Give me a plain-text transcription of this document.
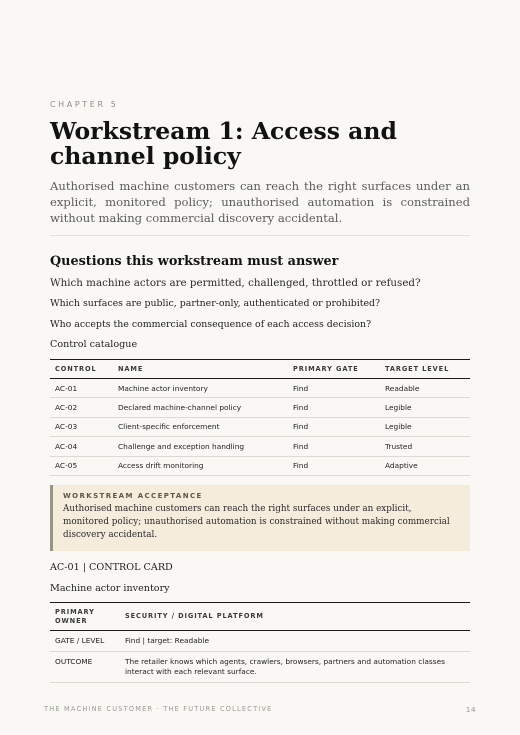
CHAPTER 5
Workstream 1: Access and channel policy

Authorised machine customers can reach the right surfaces under an explicit, monitored policy; unauthorised automation is constrained without making commercial discovery accidental.

Questions this workstream must answer

Which machine actors are permitted, challenged, throttled or refused?

Which surfaces are public, partner-only, authenticated or prohibited?

Who accepts the commercial consequence of each access decision?

Control catalogue

CONTROL	NAME	PRIMARY GATE	TARGET LEVEL
AC-01	Machine actor inventory	Find	Readable
AC-02	Declared machine-channel policy	Find	Legible
AC-03	Client-specific enforcement	Find	Legible
AC-04	Challenge and exception handling	Find	Trusted
AC-05	Access drift monitoring	Find	Adaptive
WORKSTREAM ACCEPTANCE
Authorised machine customers can reach the right surfaces under an explicit, monitored policy; unauthorised automation is constrained without making commercial discovery accidental.

AC-01 | CONTROL CARD

Machine actor inventory

PRIMARY OWNER	SECURITY / DIGITAL PLATFORM
GATE / LEVEL	Find | target: Readable
OUTCOME	The retailer knows which agents, crawlers, browsers, partners and automation classes interact with each relevant surface.
THE MACHINE CUSTOMER · THE FUTURE COLLECTIVE	14
